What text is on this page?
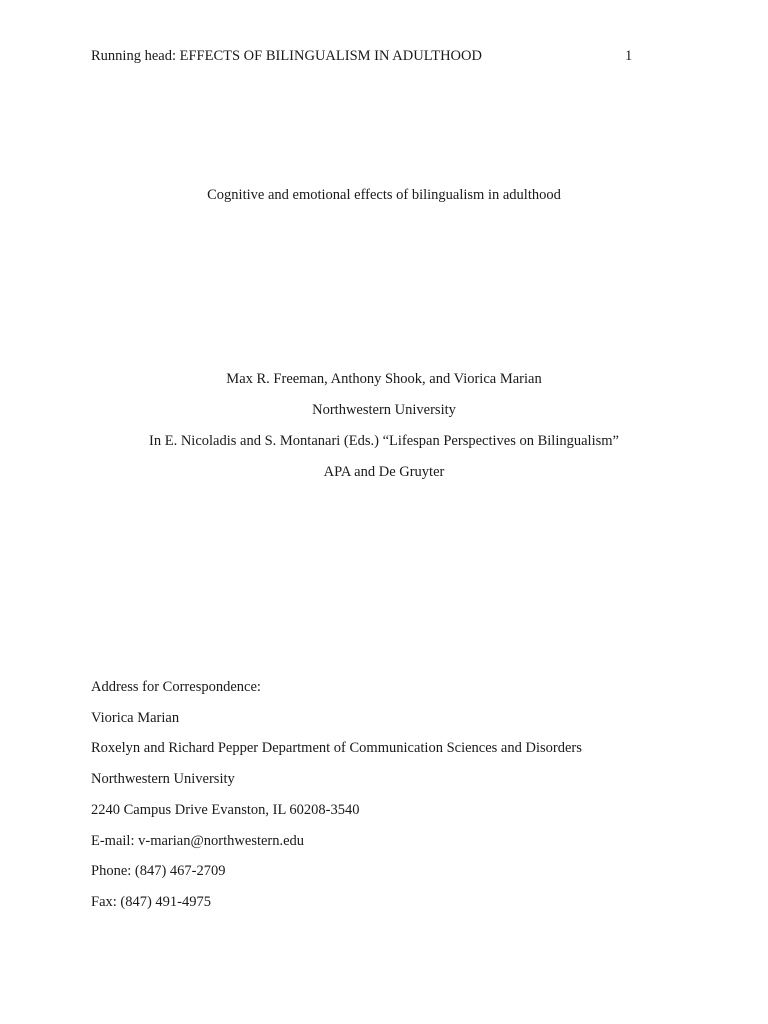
Running head: EFFECTS OF BILINGUALISM IN ADULTHOOD	1
Cognitive and emotional effects of bilingualism in adulthood
Max R. Freeman, Anthony Shook, and Viorica Marian
Northwestern University
In E. Nicoladis and S. Montanari (Eds.) “Lifespan Perspectives on Bilingualism”
APA and De Gruyter
Address for Correspondence:
Viorica Marian
Roxelyn and Richard Pepper Department of Communication Sciences and Disorders
Northwestern University
2240 Campus Drive Evanston, IL 60208-3540
E-mail: v-marian@northwestern.edu
Phone: (847) 467-2709
Fax: (847) 491-4975
